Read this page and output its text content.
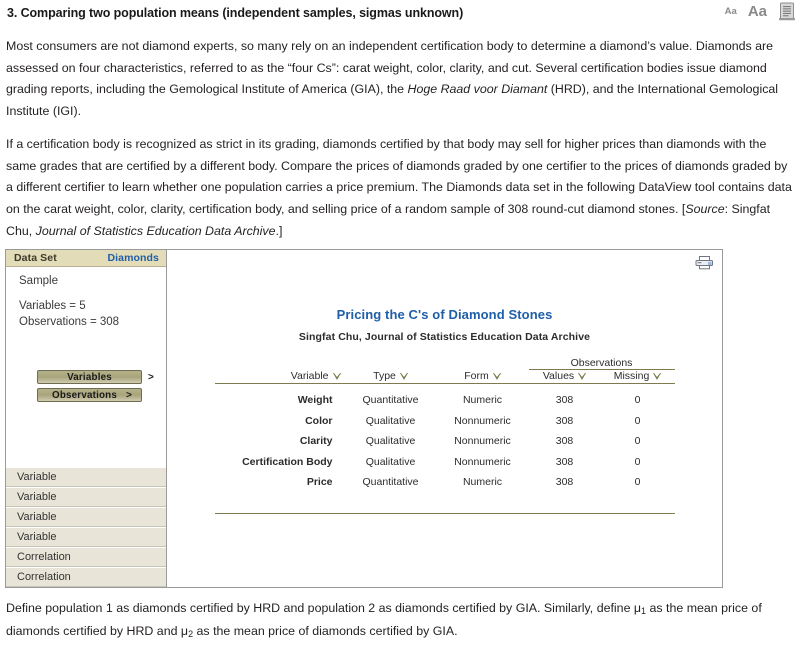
3. Comparing two population means (independent samples, sigmas unknown)	Aa Aa
Most consumers are not diamond experts, so many rely on an independent certification body to determine a diamond’s value. Diamonds are assessed on four characteristics, referred to as the “four Cs”: carat weight, color, clarity, and cut. Several certification bodies issue diamond grading reports, including the Gemological Institute of America (GIA), the Hoge Raad voor Diamant (HRD), and the International Gemological Institute (IGI).
If a certification body is recognized as strict in its grading, diamonds certified by that body may sell for higher prices than diamonds with the same grades that are certified by a different body. Compare the prices of diamonds graded by one certifier to the prices of diamonds graded by a different certifier to learn whether one population carries a price premium. The Diamonds data set in the following DataView tool contains data on the carat weight, color, clarity, certification body, and selling price of a random sample of 308 round-cut diamond stones. [Source: Singfat Chu, Journal of Statistics Education Data Archive.]
Define population 1 as diamonds certified by HRD and population 2 as diamonds certified by GIA. Similarly, define $\mu_1$ as the mean price of diamonds certified by HRD and $\mu_2$ as the mean price of diamonds certified by GIA.
Data Set	Diamonds
Sample
Variables = 5
Observations = 308
Variables	>
Observations >
Variable
Variable
Variable
Variable
Correlation
Correlation
Pricing the C's of Diamond Stones
Singfat Chu, Journal of Statistics Education Data Archive
			Observations	
Variable	Type	Form	Values	Missing

Weight	Quantitative	Numeric	308	0
Color	Qualitative	Nonnumeric	308	0
Clarity	Qualitative	Nonnumeric	308	0
Certification Body	Qualitative	Nonnumeric	308	0
Price	Quantitative	Numeric	308	0
